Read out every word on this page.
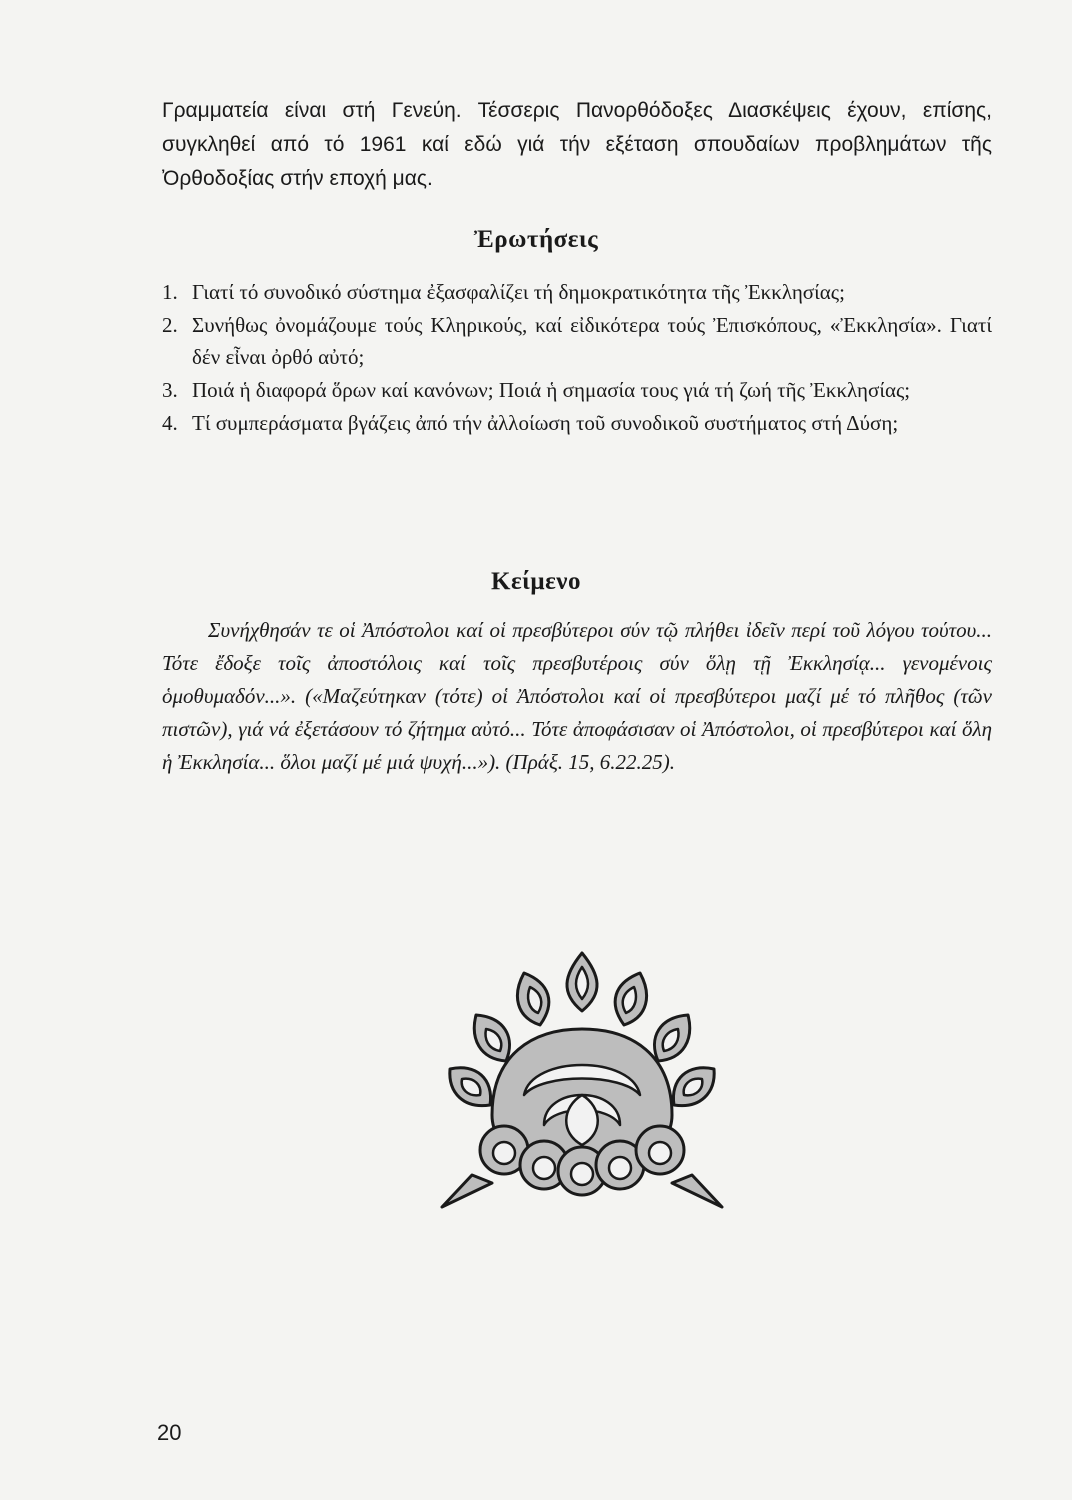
Γραμματεία είναι στή Γενεύη. Τέσσερις Πανορθόδοξες Διασκέψεις έχουν, επίσης, συγκληθεί από τό 1961 καί εδώ γιά τήν εξέταση σπουδαίων προβλημάτων τῆς Ὀρθοδοξίας στήν εποχή μας.

Ἐρωτήσεις
1. Γιατί τό συνοδικό σύστημα ἐξασφαλίζει τή δημοκρατικότητα τῆς Ἐκκλησίας;
2. Συνήθως ὀνομάζουμε τούς Κληρικούς, καί εἰδικότερα τούς Ἐπισκόπους, «Ἐκκλησία». Γιατί δέν εἶναι ὀρθό αὐτό;
3. Ποιά ἡ διαφορά ὅρων καί κανόνων; Ποιά ἡ σημασία τους γιά τή ζωή τῆς Ἐκκλησίας;
4. Τί συμπεράσματα βγάζεις ἀπό τήν ἀλλοίωση τοῦ συνοδικοῦ συστήματος στή Δύση;
Κείμενο

Συνήχθησάν τε οἱ Ἀπόστολοι καί οἱ πρεσβύτεροι σύν τῷ πλήθει ἰδεῖν περί τοῦ λόγου τούτου... Τότε ἔδοξε τοῖς ἀποστόλοις καί τοῖς πρεσβυτέροις σύν ὅλῃ τῇ Ἐκκλησίᾳ... γενομένοις ὁμοθυμαδόν...». («Μαζεύτηκαν (τότε) οἱ Ἀπόστολοι καί οἱ πρεσβύτεροι μαζί μέ τό πλῆθος (τῶν πιστῶν), γιά νά ἐξετάσουν τό ζήτημα αὐτό... Τότε ἀποφάσισαν οἱ Ἀπόστολοι, οἱ πρεσβύτεροι καί ὅλη ἡ Ἐκκλησία... ὅλοι μαζί μέ μιά ψυχή...»). (Πράξ. 15, 6.22.25).

20
